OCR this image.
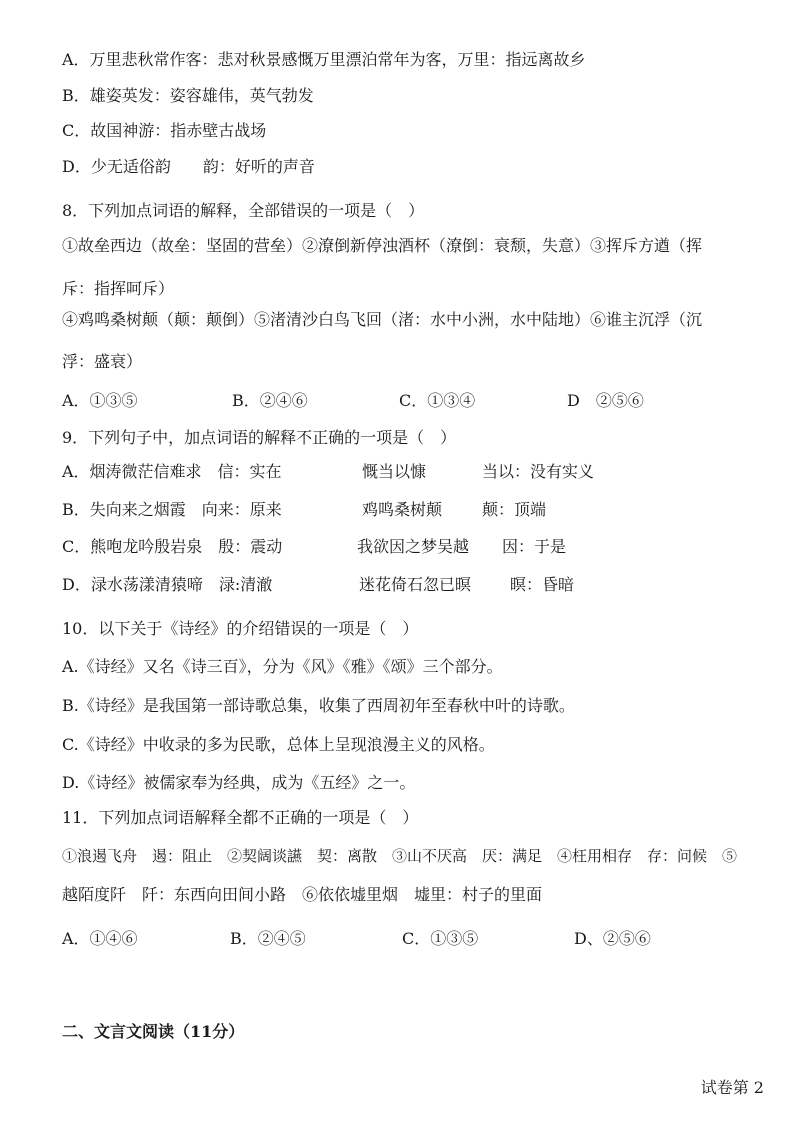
A．万里悲秋常作客：悲对秋景感慨万里漂泊常年为客，万里：指远离故乡
B．雄姿英发：姿容雄伟，英气勃发
C．故国神游：指赤壁古战场
D．少无适俗韵　　韵：好听的声音
8．下列加点词语的解释，全部错误的一项是（　）
①故垒西边（故垒：坚固的营垒）②潦倒新停浊酒杯（潦倒：衰颓，失意）③挥斥方遒（挥
斥：指挥呵斥）
④鸡鸣桑树颠（颠：颠倒）⑤渚清沙白鸟飞回（渚：水中小洲，水中陆地）⑥谁主沉浮（沉
浮：盛衰）
A．①③⑤	B．②④⑥	C．①③④	D　②⑤⑥
9．下列句子中，加点词语的解释不正确的一项是（　）
A．烟涛微茫信难求　信：实在	慨当以慷	当以：没有实义
B．失向来之烟霞　向来：原来	鸡鸣桑树颠 颠：顶端
C．熊咆龙吟殷岩泉　殷：震动	我欲因之梦吴越 因：于是
D．渌水荡漾清猿啼　渌:清澈	迷花倚石忽已暝 暝：昏暗
10．以下关于《诗经》的介绍错误的一项是（　）
A.《诗经》又名《诗三百》，分为《风》《雅》《颂》三个部分。
B.《诗经》是我国第一部诗歌总集，收集了西周初年至春秋中叶的诗歌。
C.《诗经》中收录的多为民歌，总体上呈现浪漫主义的风格。
D.《诗经》被儒家奉为经典，成为《五经》之一。
11．下列加点词语解释全都不正确的一项是（　）
①浪遏飞舟　遏：阻止　②契阔谈讌　契：离散　③山不厌高　厌：满足　④枉用相存　存：问候　⑤
越陌度阡　阡：东西向田间小路　⑥依依墟里烟　墟里：村子的里面
A．①④⑥	B．②④⑤	C．①③⑤	D、②⑤⑥
二、文言文阅读（11分）
试卷第 2
